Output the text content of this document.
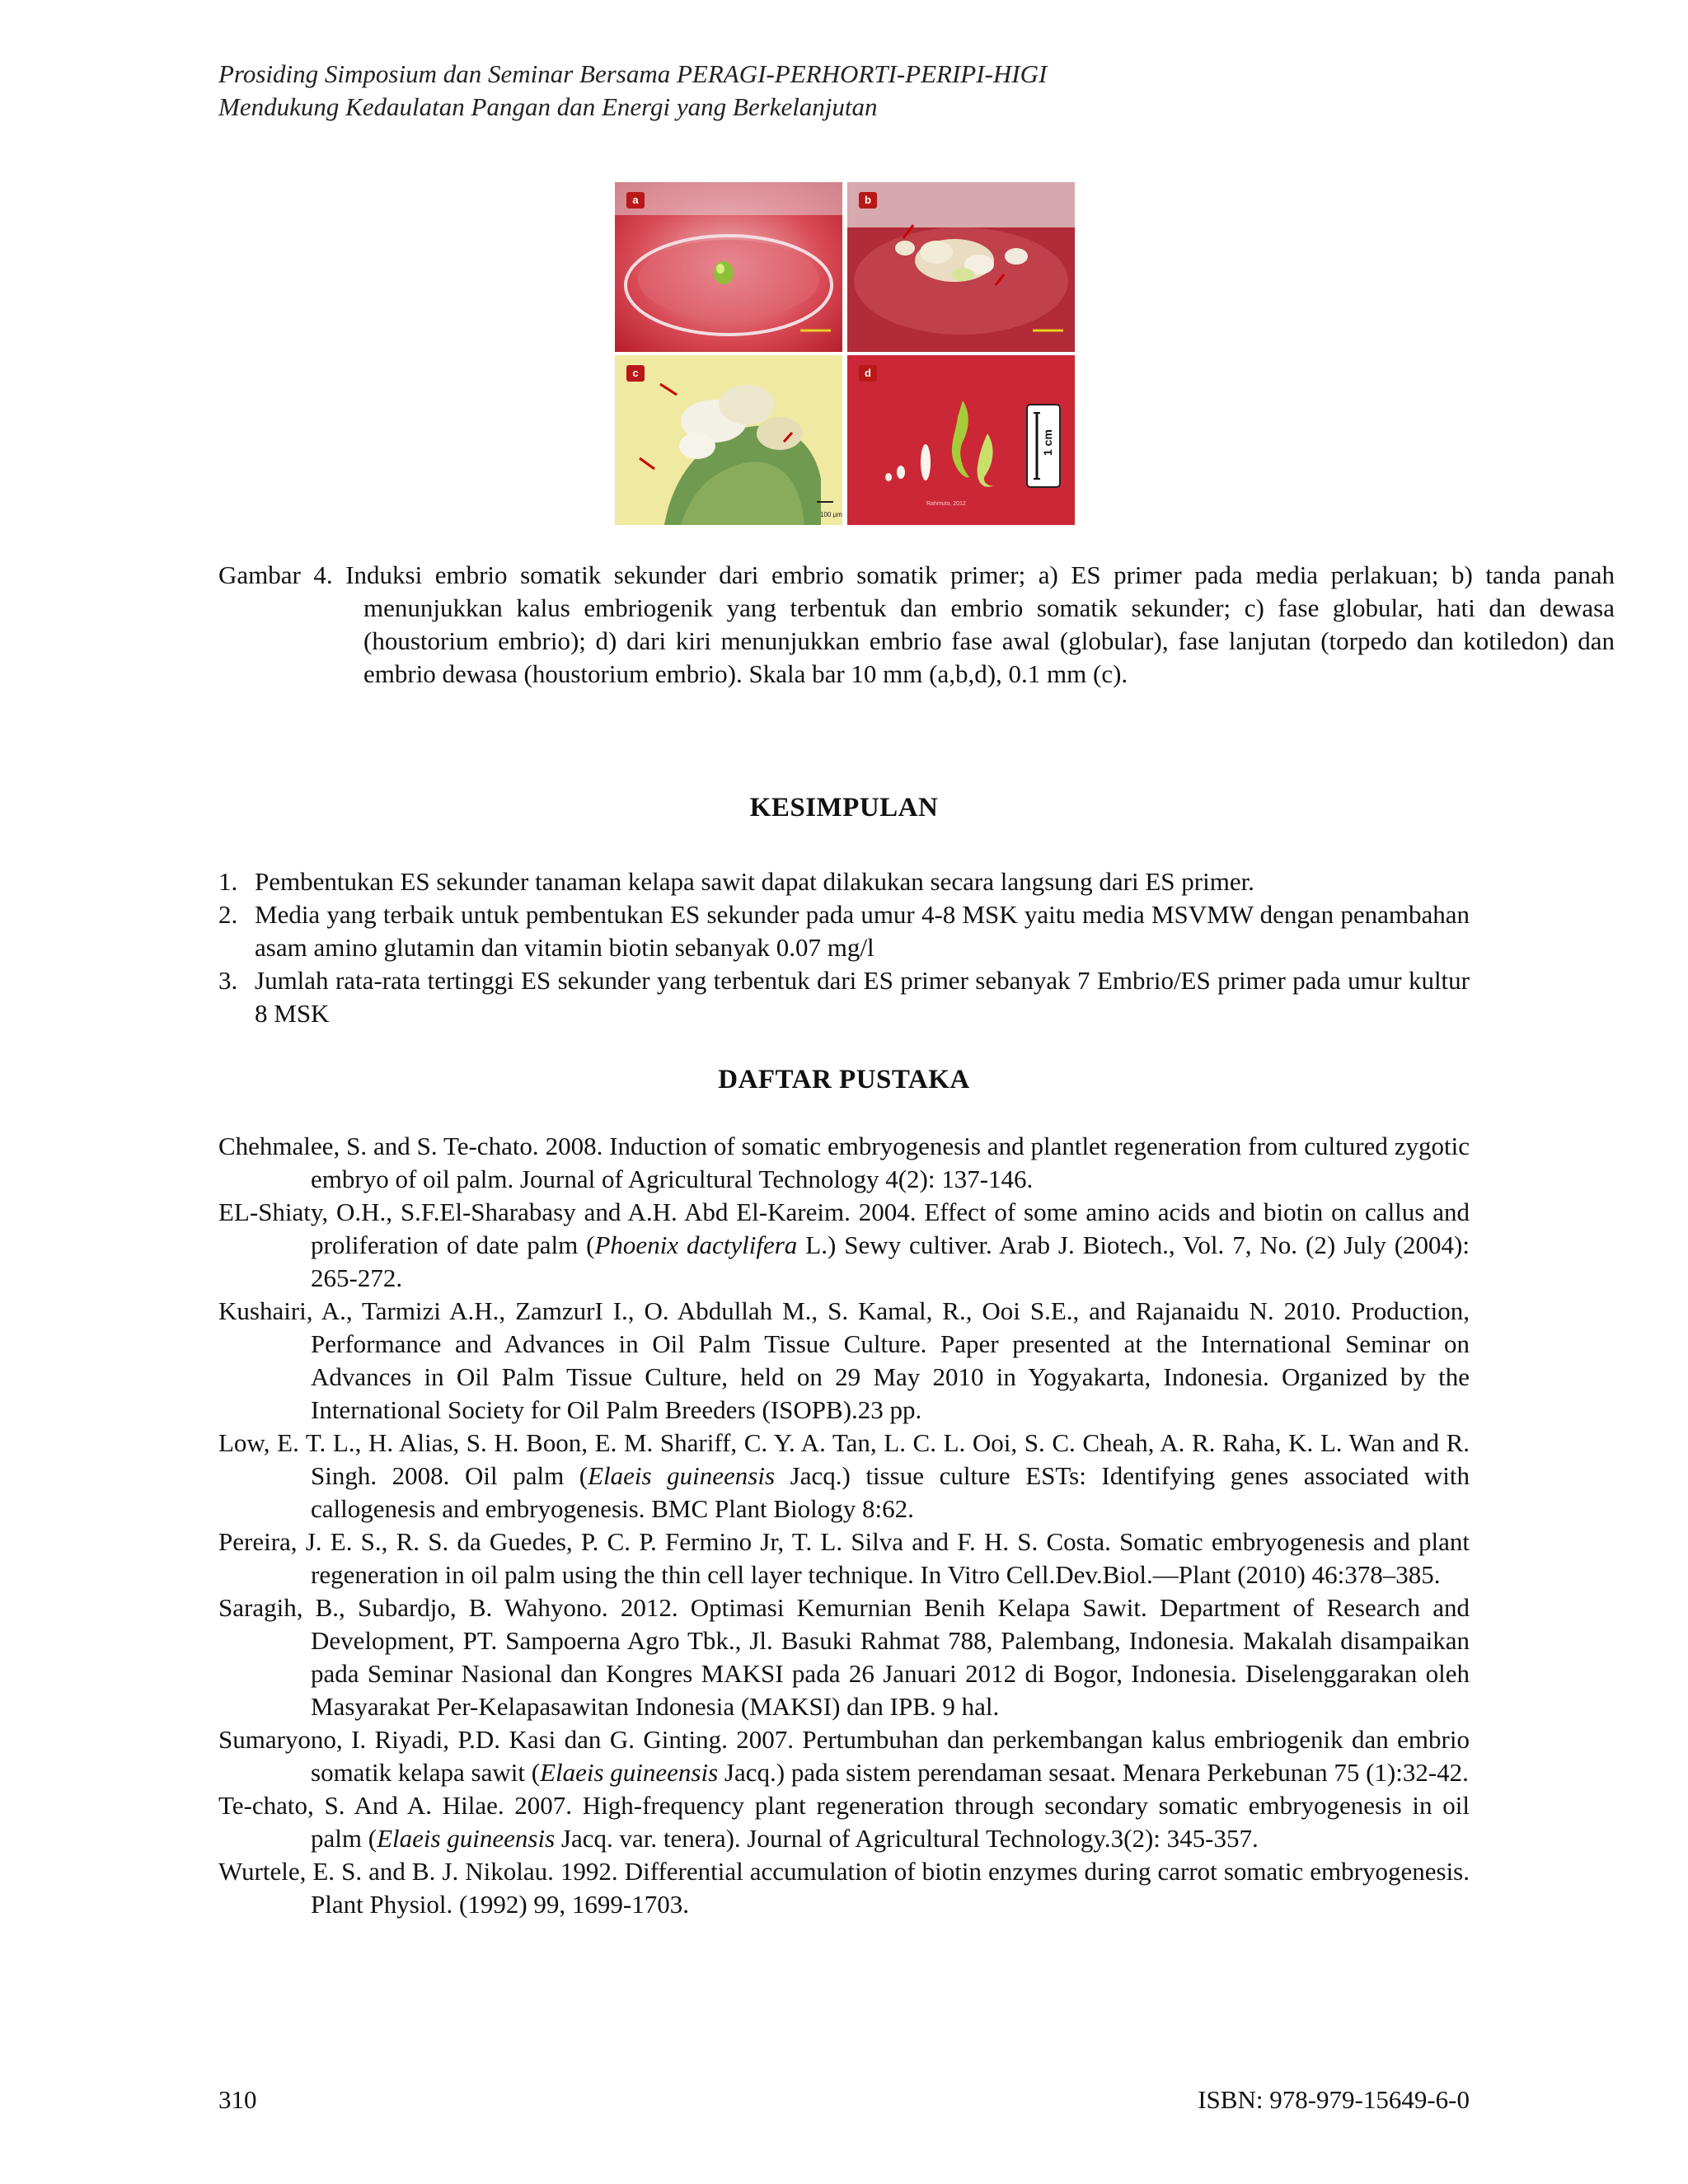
Prosiding Simposium dan Seminar Bersama PERAGI-PERHORTI-PERIPI-HIGI
Mendukung Kedaulatan Pangan dan Energi yang Berkelanjutan
a	b
100 µm
c
1 cm
Rahmuto, 2012
d
Gambar 4. Induksi embrio somatik sekunder dari embrio somatik primer; a) ES primer pada media perlakuan; b) tanda panah menunjukkan kalus embriogenik yang terbentuk dan embrio somatik sekunder; c) fase globular, hati dan dewasa (houstorium embrio); d) dari kiri menunjukkan embrio fase awal (globular), fase lanjutan (torpedo dan kotiledon) dan embrio dewasa (houstorium embrio). Skala bar 10 mm (a,b,d), 0.1 mm (c).
KESIMPULAN
1. Pembentukan ES sekunder tanaman kelapa sawit dapat dilakukan secara langsung dari ES primer.
2. Media yang terbaik untuk pembentukan ES sekunder pada umur 4-8 MSK yaitu media MSVMW dengan penambahan asam amino glutamin dan vitamin biotin sebanyak 0.07 mg/l
3. Jumlah rata-rata tertinggi ES sekunder yang terbentuk dari ES primer sebanyak 7 Embrio/ES primer pada umur kultur 8 MSK
DAFTAR PUSTAKA
Chehmalee, S. and S. Te-chato. 2008. Induction of somatic embryogenesis and plantlet regeneration from cultured zygotic embryo of oil palm. Journal of Agricultural Technology 4(2): 137-146.
EL-Shiaty, O.H., S.F.El-Sharabasy and A.H. Abd El-Kareim. 2004. Effect of some amino acids and biotin on callus and proliferation of date palm (Phoenix dactylifera L.) Sewy cultiver. Arab J. Biotech., Vol. 7, No. (2) July (2004): 265-272.
Kushairi, A., Tarmizi A.H., ZamzurI I., O. Abdullah M., S. Kamal, R., Ooi S.E., and Rajanaidu N. 2010. Production, Performance and Advances in Oil Palm Tissue Culture. Paper presented at the International Seminar on Advances in Oil Palm Tissue Culture, held on 29 May 2010 in Yogyakarta, Indonesia. Organized by the International Society for Oil Palm Breeders (ISOPB).23 pp.
Low, E. T. L., H. Alias, S. H. Boon, E. M. Shariff, C. Y. A. Tan, L. C. L. Ooi, S. C. Cheah, A. R. Raha, K. L. Wan and R. Singh. 2008. Oil palm (Elaeis guineensis Jacq.) tissue culture ESTs: Identifying genes associated with callogenesis and embryogenesis. BMC Plant Biology 8:62.
Pereira, J. E. S., R. S. da Guedes, P. C. P. Fermino Jr, T. L. Silva and F. H. S. Costa. Somatic embryogenesis and plant regeneration in oil palm using the thin cell layer technique. In Vitro Cell.Dev.Biol.—Plant (2010) 46:378–385.
Saragih, B., Subardjo, B. Wahyono. 2012. Optimasi Kemurnian Benih Kelapa Sawit. Department of Research and Development, PT. Sampoerna Agro Tbk., Jl. Basuki Rahmat 788, Palembang, Indonesia. Makalah disampaikan pada Seminar Nasional dan Kongres MAKSI pada 26 Januari 2012 di Bogor, Indonesia. Diselenggarakan oleh Masyarakat Per-Kelapasawitan Indonesia (MAKSI) dan IPB. 9 hal.
Sumaryono, I. Riyadi, P.D. Kasi dan G. Ginting. 2007. Pertumbuhan dan perkembangan kalus embriogenik dan embrio somatik kelapa sawit (Elaeis guineensis Jacq.) pada sistem perendaman sesaat. Menara Perkebunan 75 (1):32-42.
Te-chato, S. And A. Hilae. 2007. High-frequency plant regeneration through secondary somatic embryogenesis in oil palm (Elaeis guineensis Jacq. var. tenera). Journal of Agricultural Technology.3(2): 345-357.
Wurtele, E. S. and B. J. Nikolau. 1992. Differential accumulation of biotin enzymes during carrot somatic embryogenesis. Plant Physiol. (1992) 99, 1699-1703.
310	ISBN: 978-979-15649-6-0
